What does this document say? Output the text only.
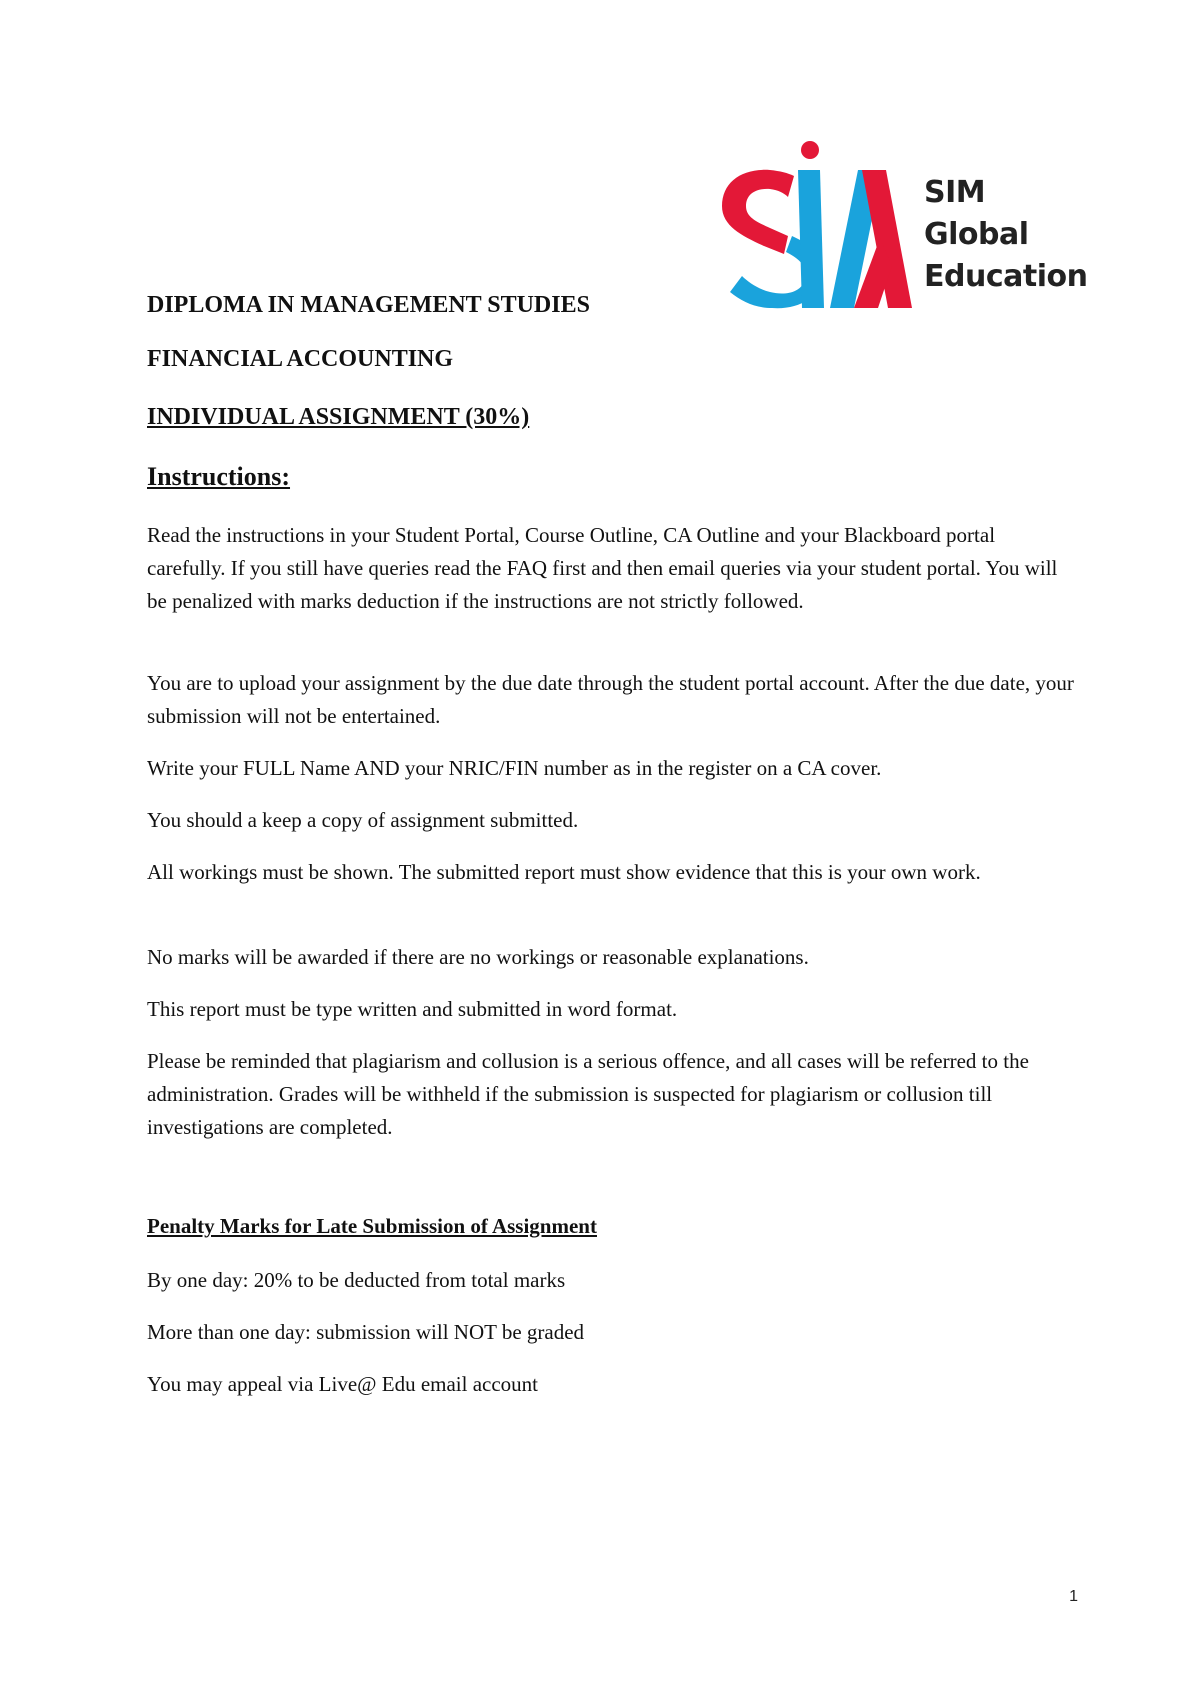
SIM
Global
Education
DIPLOMA IN MANAGEMENT STUDIES
FINANCIAL ACCOUNTING
INDIVIDUAL ASSIGNMENT (30%)
Instructions:

Read the instructions in your Student Portal, Course Outline, CA Outline and your Blackboard portal carefully. If you still have queries read the FAQ first and then email queries via your student portal. You will be penalized with marks deduction if the instructions are not strictly followed.

You are to upload your assignment by the due date through the student portal account. After the due date, your submission will not be entertained.

Write your FULL Name AND your NRIC/FIN number as in the register on a CA cover.

You should a keep a copy of assignment submitted.

All workings must be shown. The submitted report must show evidence that this is your own work.

No marks will be awarded if there are no workings or reasonable explanations.

This report must be type written and submitted in word format.

Please be reminded that plagiarism and collusion is a serious offence, and all cases will be referred to the administration. Grades will be withheld if the submission is suspected for plagiarism or collusion till investigations are completed.

Penalty Marks for Late Submission of Assignment
By one day: 20% to be deducted from total marks
More than one day: submission will NOT be graded
You may appeal via Live@ Edu email account
1
